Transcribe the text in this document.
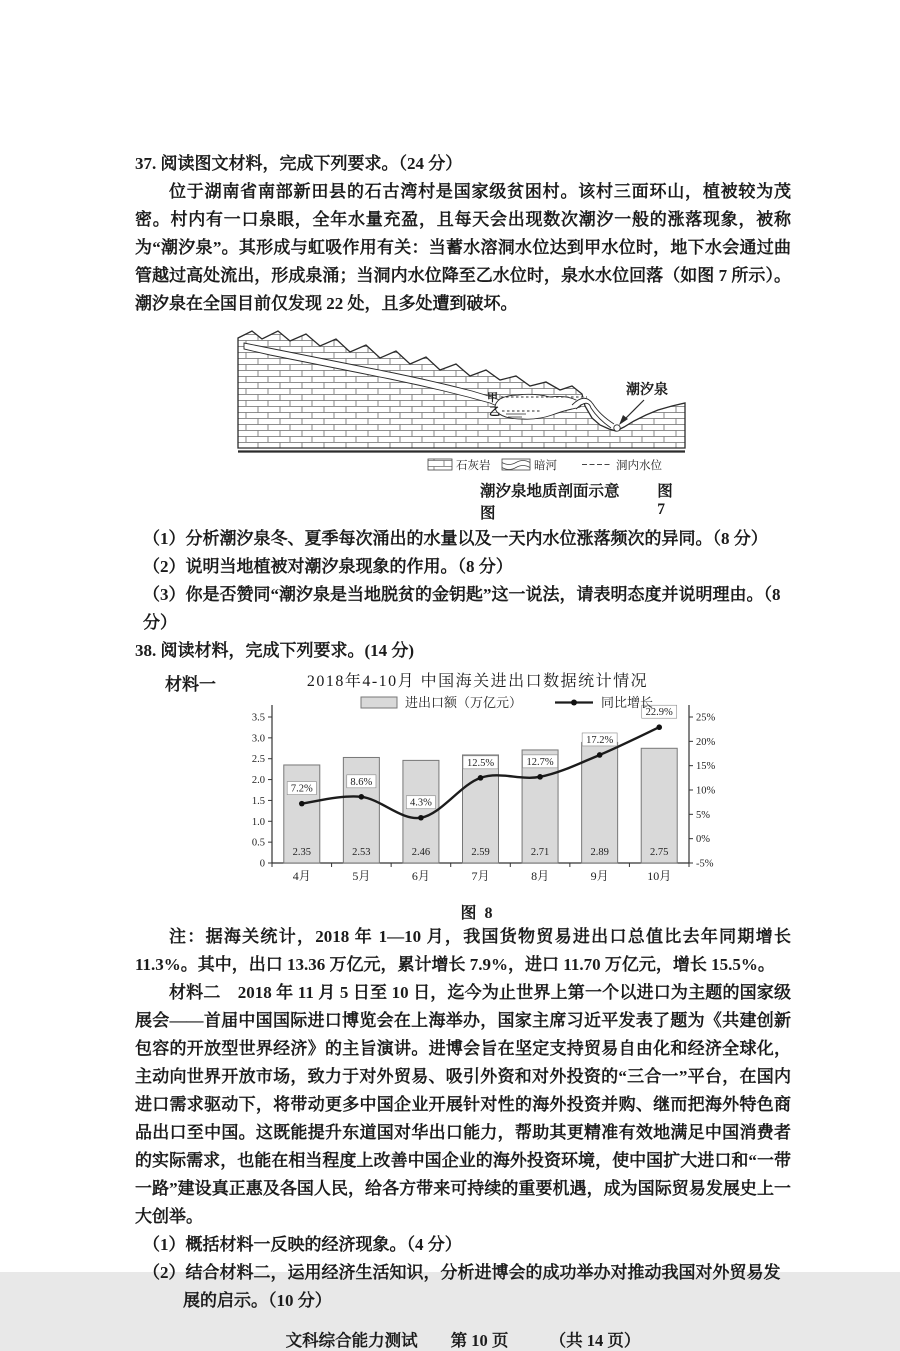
37. 阅读图文材料，完成下列要求。（24 分）

位于湖南省南部新田县的石古湾村是国家级贫困村。该村三面环山，植被较为茂密。村内有一口泉眼，全年水量充盈，且每天会出现数次潮汐一般的涨落现象，被称为“潮汐泉”。其形成与虹吸作用有关：当蓄水溶洞水位达到甲水位时，地下水会通过曲管越过高处流出，形成泉涌；当洞内水位降至乙水位时，泉水水位回落（如图 7 所示）。潮汐泉在全国目前仅发现 22 处，且多处遭到破坏。

甲
乙
潮汐泉
石灰岩	暗河	洞内水位
潮汐泉地质剖面示意图
图 7
（1）分析潮汐泉冬、夏季每次涌出的水量以及一天内水位涨落频次的异同。（8 分）
（2）说明当地植被对潮汐泉现象的作用。（8 分）
（3）你是否赞同“潮汐泉是当地脱贫的金钥匙”这一说法，请表明态度并说明理由。（8 分）
38. 阅读材料，完成下列要求。(14 分)
材料一	2018年4-10月 中国海关进出口数据统计情况
0
0.5
1.0
1.5
2.0
2.5
3.0
3.5
-5%
0%
5%
10%
15%
20%
25%
2.35	2.53	2.46	2.59	2.71	2.89	2.75
4月	5月	6月	7月	8月	9月	10月
7.2%
8.6%
4.3%
12.5%	12.7%
17.2%
22.9%
进出口额（万亿元）	同比增长
图 8

注：据海关统计，2018 年 1—10 月，我国货物贸易进出口总值比去年同期增长 11.3%。其中，出口 13.36 万亿元，累计增长 7.9%，进口 11.70 万亿元，增长 15.5%。

材料二　2018 年 11 月 5 日至 10 日，迄今为止世界上第一个以进口为主题的国家级展会——首届中国国际进口博览会在上海举办，国家主席习近平发表了题为《共建创新包容的开放型世界经济》的主旨演讲。进博会旨在坚定支持贸易自由化和经济全球化，主动向世界开放市场，致力于对外贸易、吸引外资和对外投资的“三合一”平台，在国内进口需求驱动下，将带动更多中国企业开展针对性的海外投资并购、继而把海外特色商品出口至中国。这既能提升东道国对华出口能力，帮助其更精准有效地满足中国消费者的实际需求，也能在相当程度上改善中国企业的海外投资环境，使中国扩大进口和“一带一路”建设真正惠及各国人民，给各方带来可持续的重要机遇，成为国际贸易发展史上一大创举。

（1）概括材料一反映的经济现象。（4 分）
（2）结合材料二，运用经济生活知识，分析进博会的成功举办对推动我国对外贸易发展的启示。（10 分）
文科综合能力测试　　第 10 页　　　（共 14 页）
